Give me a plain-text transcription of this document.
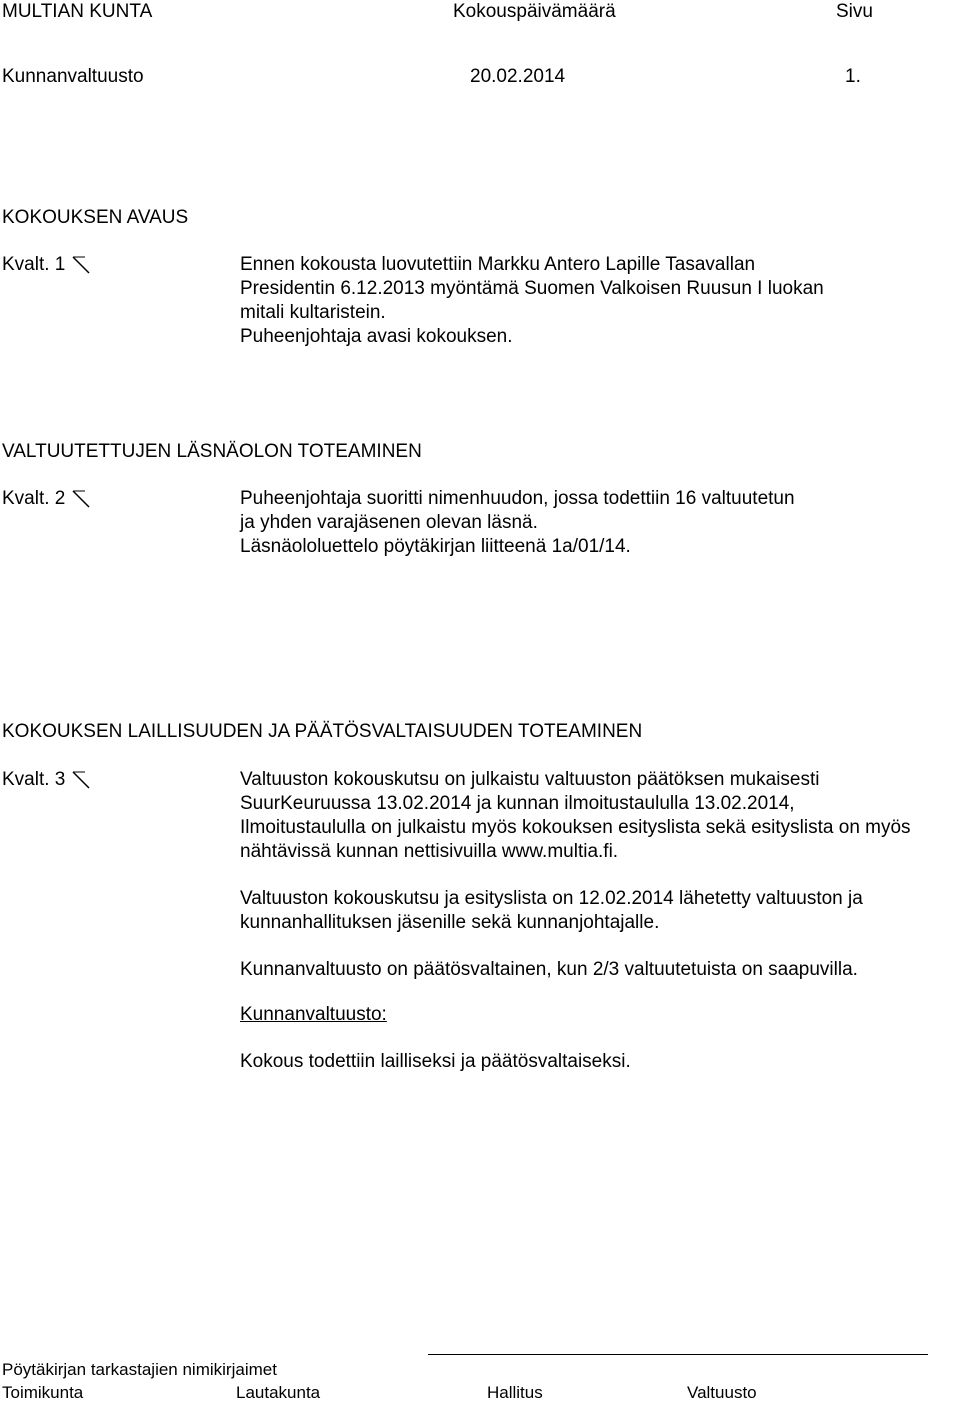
MULTIAN KUNTA	Kokouspäivämäärä	Sivu
Kunnanvaltuusto	20.02.2014	1.
KOKOUKSEN AVAUS
Kvalt. 1	Ennen kokousta luovutettiin Markku Antero Lapille Tasavallan

Presidentin 6.12.2013 myöntämä Suomen Valkoisen Ruusun I luokan

mitali kultaristein.

Puheenjohtaja avasi kokouksen.

VALTUUTETTUJEN LÄSNÄOLON TOTEAMINEN
Kvalt. 2	Puheenjohtaja suoritti nimenhuudon, jossa todettiin 16 valtuutetun

ja yhden varajäsenen olevan läsnä.

Läsnäololuettelo pöytäkirjan liitteenä 1a/01/14.

KOKOUKSEN LAILLISUUDEN JA PÄÄTÖSVALTAISUUDEN TOTEAMINEN
Kvalt. 3	Valtuuston kokouskutsu on julkaistu valtuuston päätöksen mukaisesti

SuurKeuruussa 13.02.2014 ja kunnan ilmoitustaululla 13.02.2014,

Ilmoitustaululla on julkaistu myös kokouksen esityslista sekä esityslista on myös

nähtävissä kunnan nettisivuilla www.multia.fi.

Valtuuston kokouskutsu ja esityslista on 12.02.2014 lähetetty valtuuston ja

kunnanhallituksen jäsenille sekä kunnanjohtajalle.

Kunnanvaltuusto on päätösvaltainen, kun 2/3 valtuutetuista on saapuvilla.

Kunnanvaltuusto:

Kokous todettiin lailliseksi ja päätösvaltaiseksi.

Pöytäkirjan tarkastajien nimikirjaimet
Toimikunta	Lautakunta	Hallitus	Valtuusto
